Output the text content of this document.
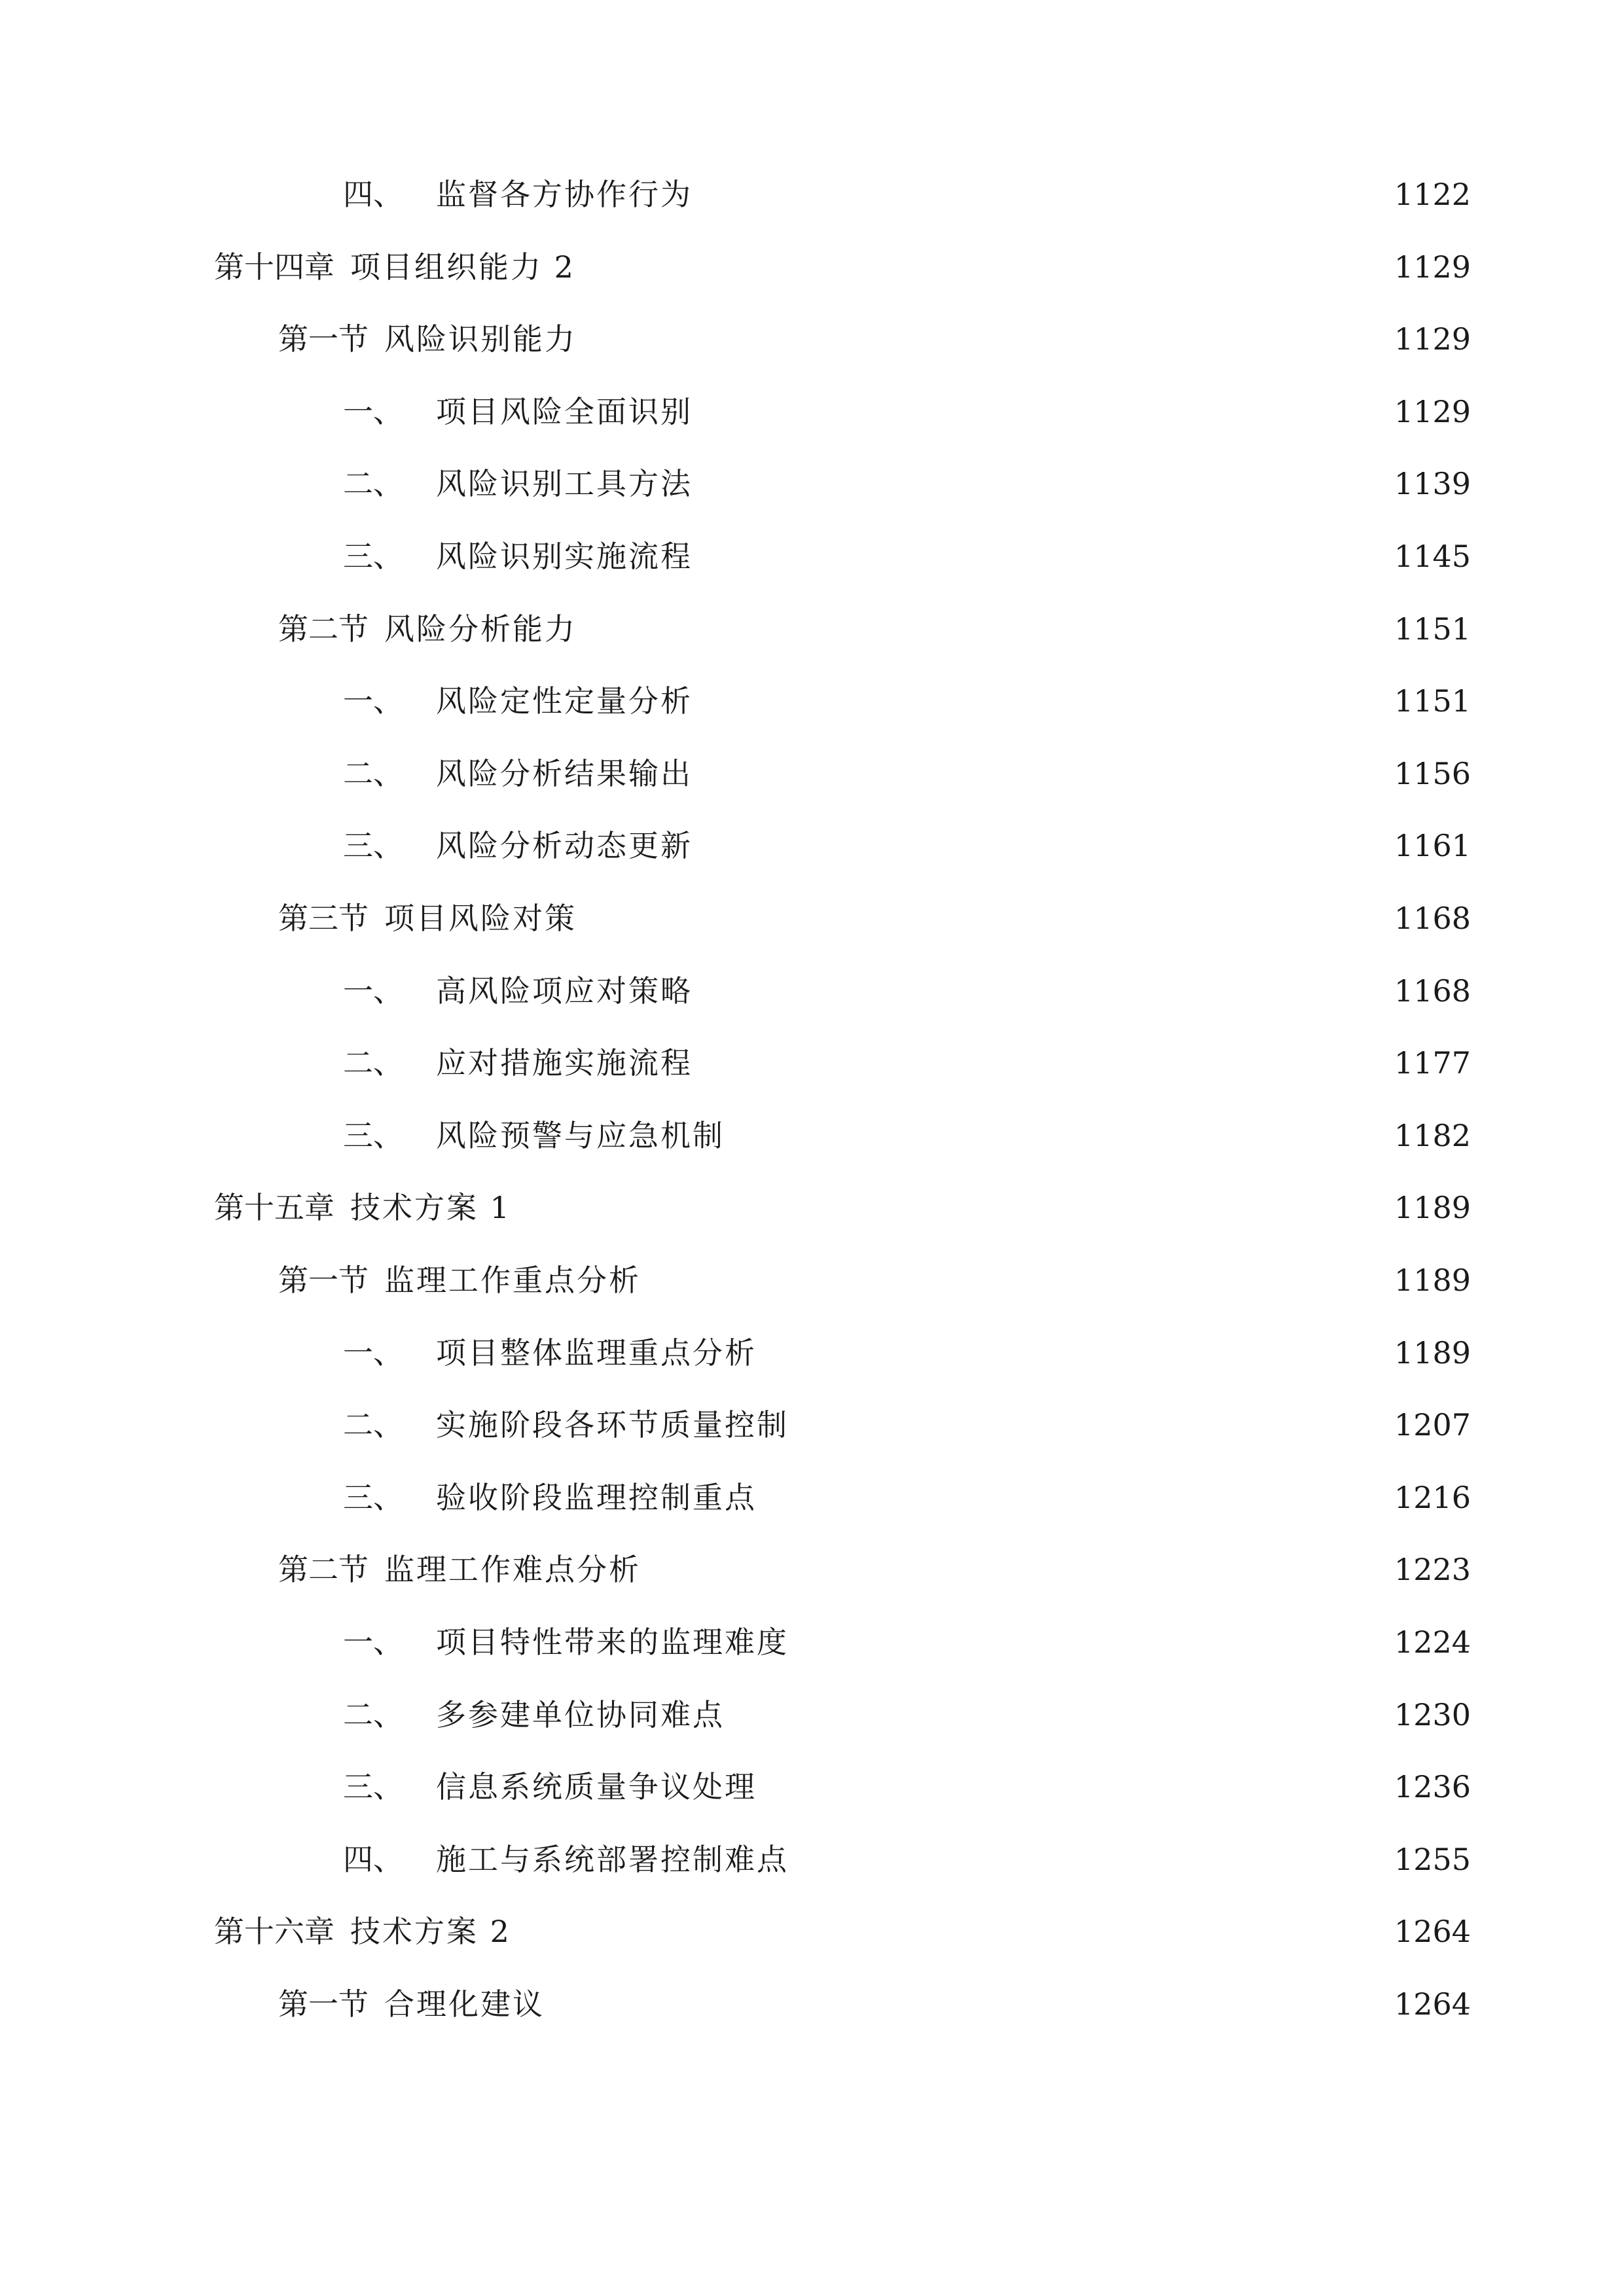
四、 监督各方协作行为	1122
第十四章 项目组织能力 2	1129
第一节 风险识别能力	1129
一、 项目风险全面识别	1129
二、 风险识别工具方法	1139
三、 风险识别实施流程	1145
第二节 风险分析能力	1151
一、 风险定性定量分析	1151
二、 风险分析结果输出	1156
三、 风险分析动态更新	1161
第三节 项目风险对策	1168
一、 高风险项应对策略	1168
二、 应对措施实施流程	1177
三、 风险预警与应急机制	1182
第十五章 技术方案 1	1189
第一节 监理工作重点分析	1189
一、 项目整体监理重点分析	1189
二、 实施阶段各环节质量控制	1207
三、 验收阶段监理控制重点	1216
第二节 监理工作难点分析	1223
一、 项目特性带来的监理难度	1224
二、 多参建单位协同难点	1230
三、 信息系统质量争议处理	1236
四、 施工与系统部署控制难点	1255
第十六章 技术方案 2	1264
第一节 合理化建议	1264
